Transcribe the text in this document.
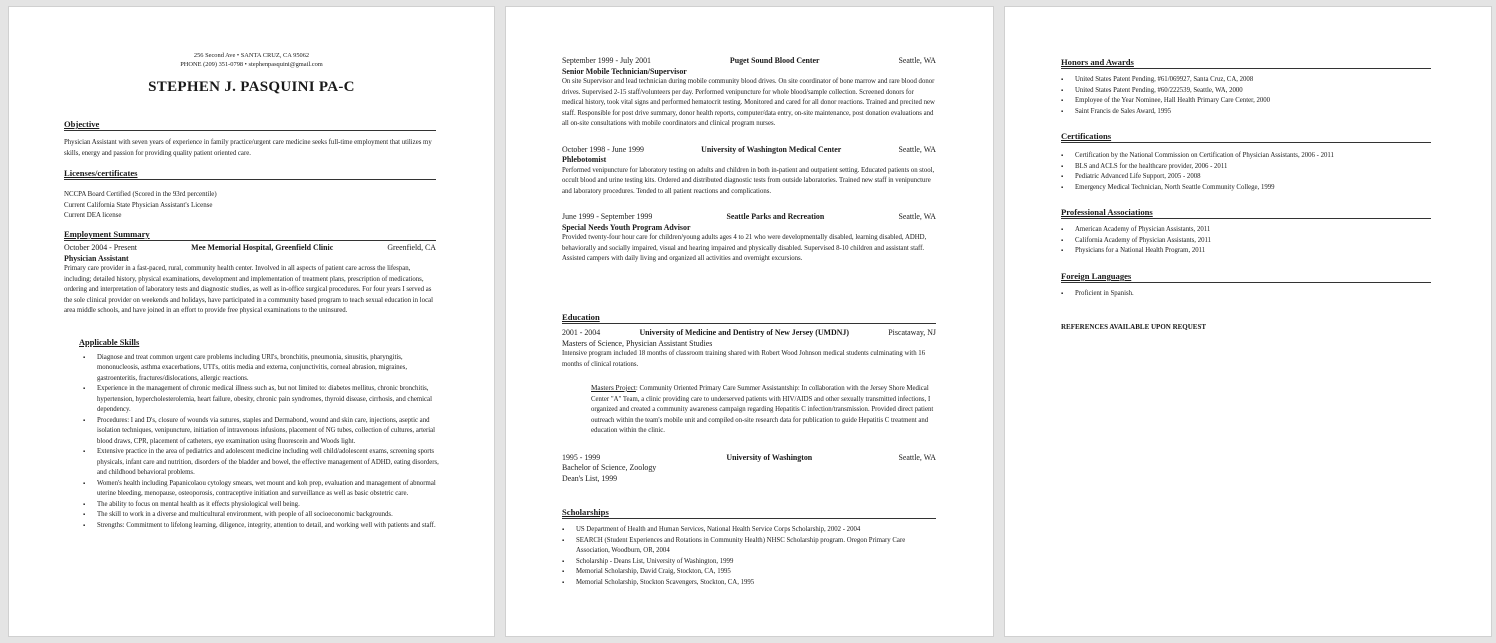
256 Second Ave • SANTA CRUZ, CA 95062
PHONE (209) 351-0798 • stephenpasquini@gmail.com
STEPHEN J. PASQUINI PA-C
Objective
Physician Assistant with seven years of experience in family practice/urgent care medicine seeks full-time employment that utilizes my skills, energy and passion for providing quality patient oriented care.
Licenses/certificates
NCCPA Board Certified (Scored in the 93rd percentile)
Current California State Physician Assistant's License
Current DEA license
Employment Summary
October 2004 - Present	Mee Memorial Hospital, Greenfield Clinic	Greenfield, CA
Physician Assistant
Primary care provider in a fast-paced, rural, community health center. Involved in all aspects of patient care across the lifespan, including; detailed history, physical examinations, development and implementation of treatment plans, prescription of medications, ordering and interpretation of laboratory tests and diagnostic studies, as well as in-office surgical procedures. For four years I served as the sole clinical provider on weekends and holidays, have participated in a community based program to teach sexual education in local area middle schools, and have joined in an effort to provide free physical examinations to the uninsured.
Applicable Skills
▪ Diagnose and treat common urgent care problems including URI's, bronchitis, pneumonia, sinusitis, pharyngitis, mononucleosis, asthma exacerbations, UTI's, otitis media and externa, conjunctivitis, corneal abrasion, migraines, gastroenteritis, fractures/dislocations, allergic reactions.
▪ Experience in the management of chronic medical illness such as, but not limited to: diabetes mellitus, chronic bronchitis, hypertension, hypercholesterolemia, heart failure, obesity, chronic pain syndromes, thyroid disease, cirrhosis, and chemical dependency.
▪ Procedures: I and D's, closure of wounds via sutures, staples and Dermabond, wound and skin care, injections, aseptic and isolation techniques, venipuncture, initiation of intravenous infusions, placement of NG tubes, collection of cultures, arterial blood draws, CPR, placement of catheters, eye examination using fluorescein and Woods light.
▪ Extensive practice in the area of pediatrics and adolescent medicine including well child/adolescent exams, screening sports physicals, infant care and nutrition, disorders of the bladder and bowel, the effective management of ADHD, eating disorders, and childhood behavioral problems.
▪ Women's health including Papanicolaou cytology smears, wet mount and koh prep, evaluation and management of abnormal uterine bleeding, menopause, osteoporosis, contraceptive initiation and surveillance as well as basic obstetric care.
▪ The ability to focus on mental health as it effects physiological well being.
▪ The skill to work in a diverse and multicultural environment, with people of all socioeconomic backgrounds.
▪ Strengths: Commitment to lifelong learning, diligence, integrity, attention to detail, and working well with patients and staff.
September 1999 - July 2001	Puget Sound Blood Center	Seattle, WA
Senior Mobile Technician/Supervisor
On site Supervisor and lead technician during mobile community blood drives. On site coordinator of bone marrow and rare blood donor drives. Supervised 2-15 staff/volunteers per day. Performed venipuncture for whole blood/sample collection. Screened donors for medical history, took vital signs and performed hematocrit testing. Monitored and cared for all donor reactions. Trained and precited new staff. Responsible for post drive summary, donor health reports, computer/data entry, on-site maintenance, post donation evaluations and all on-site consultations with mobile coordinators and clinical program nurses.
October 1998 - June 1999	University of Washington Medical Center	Seattle, WA
Phlebotomist
Performed venipuncture for laboratory testing on adults and children in both in-patient and outpatient setting. Educated patients on stool, occult blood and urine testing kits. Ordered and distributed diagnostic tests from outside laboratories. Trained new staff in venipuncture and laboratory procedures. Tended to all patient reactions and complications.
June 1999 - September 1999	Seattle Parks and Recreation	Seattle, WA
Special Needs Youth Program Advisor
Provided twenty-four hour care for children/young adults ages 4 to 21 who were developmentally disabled, learning disabled, ADHD, behaviorally and socially impaired, visual and hearing impaired and physically disabled. Supervised 8-10 children and assistant staff. Assisted campers with daily living and organized all activities and overnight excursions.
Education
2001 - 2004	University of Medicine and Dentistry of New Jersey (UMDNJ)	Piscataway, NJ
Masters of Science, Physician Assistant Studies
Intensive program included 18 months of classroom training shared with Robert Wood Johnson medical students culminating with 16 months of clinical rotations.
Masters Project: Community Oriented Primary Care Summer Assistantship: In collaboration with the Jersey Shore Medical Center "A" Team, a clinic providing care to underserved patients with HIV/AIDS and other sexually transmitted infections, I organized and created a community awareness campaign regarding Hepatitis C infection/transmission. Provided direct patient outreach within the team's mobile unit and compiled on-site research data for publication to guide Hepatitis C treatment and education within the clinic.
1995 - 1999	University of Washington	Seattle, WA
Bachelor of Science, Zoology
Dean's List, 1999
Scholarships
▪ US Department of Health and Human Services, National Health Service Corps Scholarship, 2002 - 2004
▪ SEARCH (Student Experiences and Rotations in Community Health) NHSC Scholarship program. Oregon Primary Care Association, Woodburn, OR, 2004
▪ Scholarship - Deans List, University of Washington, 1999
▪ Memorial Scholarship, David Craig, Stockton, CA, 1995
▪ Memorial Scholarship, Stockton Scavengers, Stockton, CA, 1995
Honors and Awards
▪ United States Patent Pending, #61/069927, Santa Cruz, CA, 2008
▪ United States Patent Pending, #60/222539, Seattle, WA, 2000
▪ Employee of the Year Nominee, Hall Health Primary Care Center, 2000
▪ Saint Francis de Sales Award, 1995
Certifications
▪ Certification by the National Commission on Certification of Physician Assistants, 2006 - 2011
▪ BLS and ACLS for the healthcare provider, 2006 - 2011
▪ Pediatric Advanced Life Support, 2005 - 2008
▪ Emergency Medical Technician, North Seattle Community College, 1999
Professional Associations
▪ American Academy of Physician Assistants, 2011
▪ California Academy of Physician Assistants, 2011
▪ Physicians for a National Health Program, 2011
Foreign Languages
▪ Proficient in Spanish.
REFERENCES AVAILABLE UPON REQUEST
